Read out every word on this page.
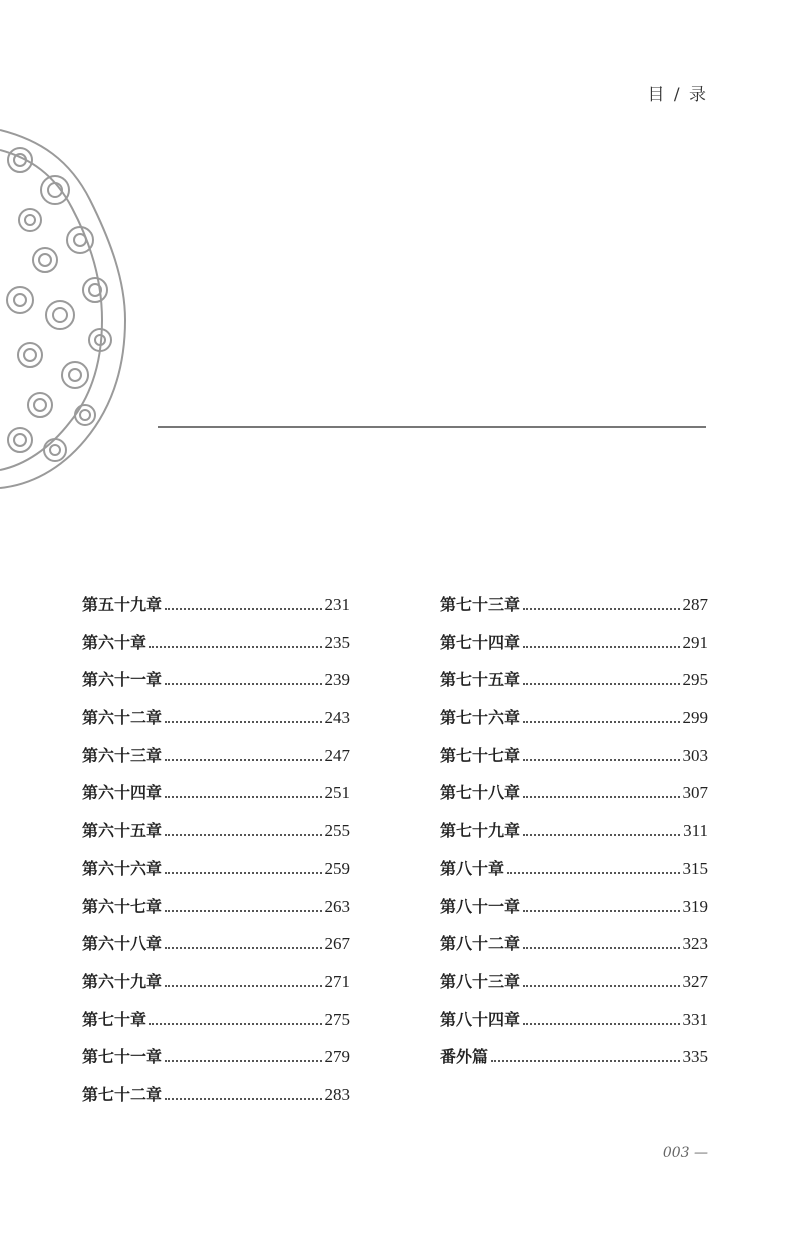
目 / 录
第五十九章	231
第六十章	235
第六十一章	239
第六十二章	243
第六十三章	247
第六十四章	251
第六十五章	255
第六十六章	259
第六十七章	263
第六十八章	267
第六十九章	271
第七十章	275
第七十一章	279
第七十二章	283
第七十三章	287
第七十四章	291
第七十五章	295
第七十六章	299
第七十七章	303
第七十八章	307
第七十九章	311
第八十章	315
第八十一章	319
第八十二章	323
第八十三章	327
第八十四章	331
番外篇	335
003 —
